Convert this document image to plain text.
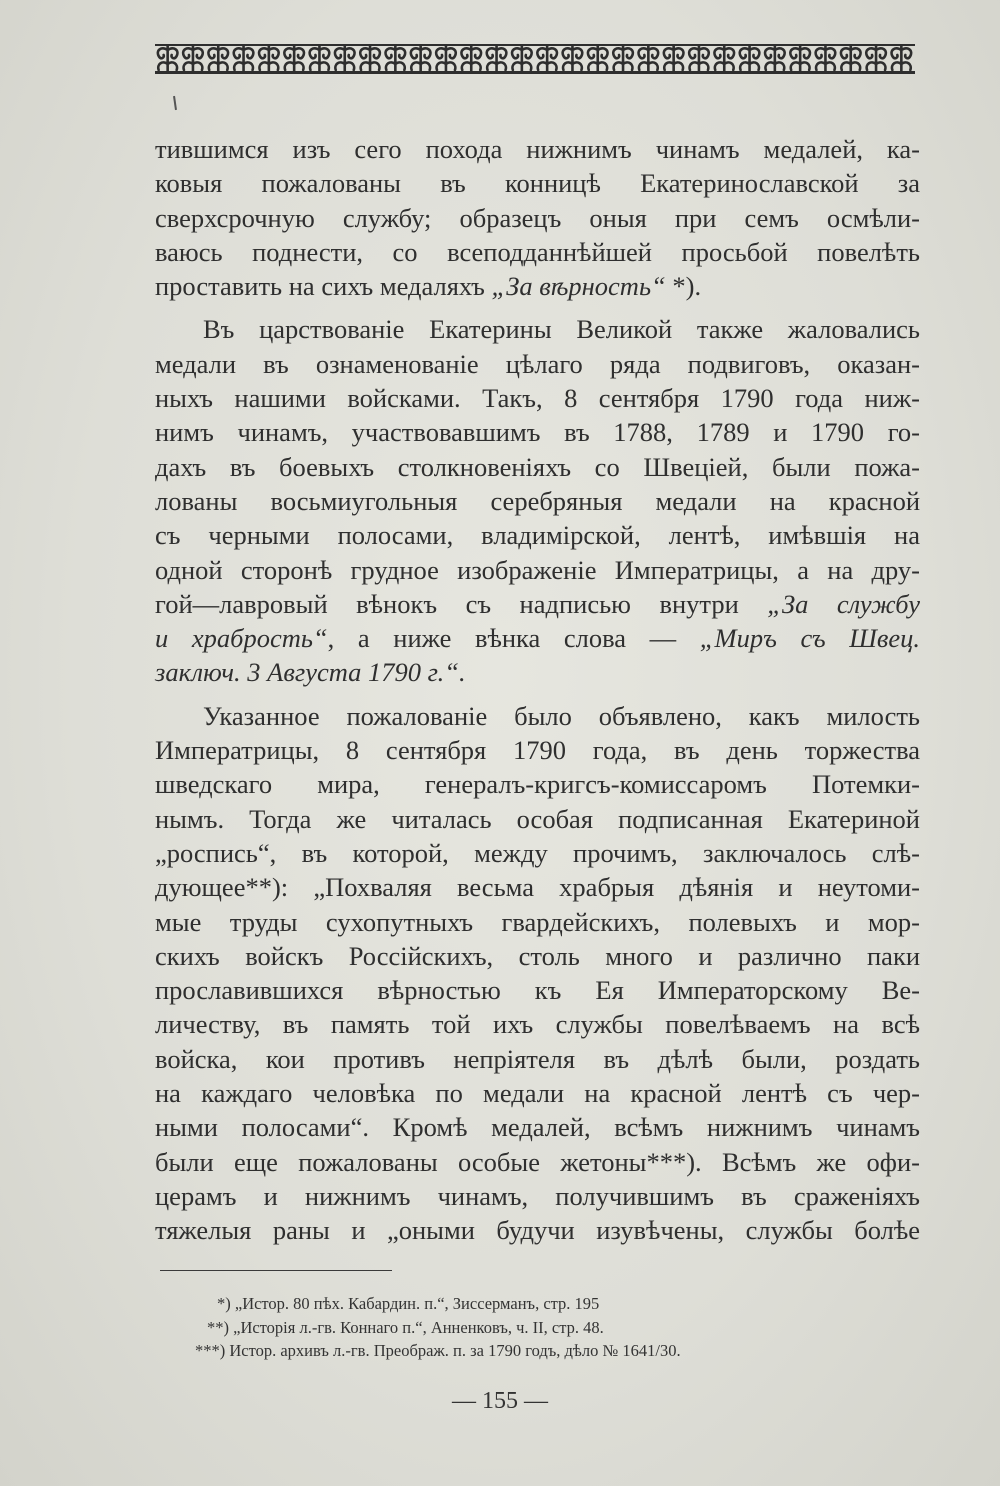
тившимся изъ сего похода нижнимъ чинамъ медалей, ка-
ковыя пожалованы въ конницѣ Екатеринославской за
сверхсрочную службу; образецъ оныя при семъ осмѣли-
ваюсь поднести, со всеподданнѣйшей просьбой повелѣть
проставить на сихъ медаляхъ „За вѣрность“ *).
Въ царствованіе Екатерины Великой также жаловались
медали въ ознаменованіе цѣлаго ряда подвиговъ, оказан-
ныхъ нашими войсками. Такъ, 8 сентября 1790 года ниж-
нимъ чинамъ, участвовавшимъ въ 1788, 1789 и 1790 го-
дахъ въ боевыхъ столкновеніяхъ со Швеціей, были пожа-
лованы восьмиугольныя серебряныя медали на красной
съ черными полосами, владимірской, лентѣ, имѣвшія на
одной сторонѣ грудное изображеніе Императрицы, а на дру-
гой—лавровый вѣнокъ съ надписью внутри „За службу
и храбрость“, а ниже вѣнка слова — „Миръ съ Швец.
заключ. 3 Августа 1790 г.“.
Указанное пожалованіе было объявлено, какъ милость
Императрицы, 8 сентября 1790 года, въ день торжества
шведскаго мира, генералъ-кригсъ-комиссаромъ Потемки-
нымъ. Тогда же читалась особая подписанная Екатериной
„роспись“, въ которой, между прочимъ, заключалось слѣ-
дующее**): „Похваляя весьма храбрыя дѣянія и неутоми-
мые труды сухопутныхъ гвардейскихъ, полевыхъ и мор-
скихъ войскъ Россійскихъ, столь много и различно паки
прославившихся вѣрностью къ Ея Императорскому Ве-
личеству, въ память той ихъ службы повелѣваемъ на всѣ
войска, кои противъ непріятеля въ дѣлѣ были, роздать
на каждаго человѣка по медали на красной лентѣ съ чер-
ными полосами“. Кромѣ медалей, всѣмъ нижнимъ чинамъ
были еще пожалованы особые жетоны***). Всѣмъ же офи-
церамъ и нижнимъ чинамъ, получившимъ въ сраженіяхъ
тяжелыя раны и „оными будучи изувѣчены, службы болѣе
*) „Истор. 80 пѣх. Кабардин. п.“, Зиссерманъ, стр. 195
**) „Исторія л.-гв. Коннаго п.“, Анненковъ, ч. II, стр. 48.
***) Истор. архивъ л.-гв. Преображ. п. за 1790 годъ, дѣло № 1641/30.
— 155 —
